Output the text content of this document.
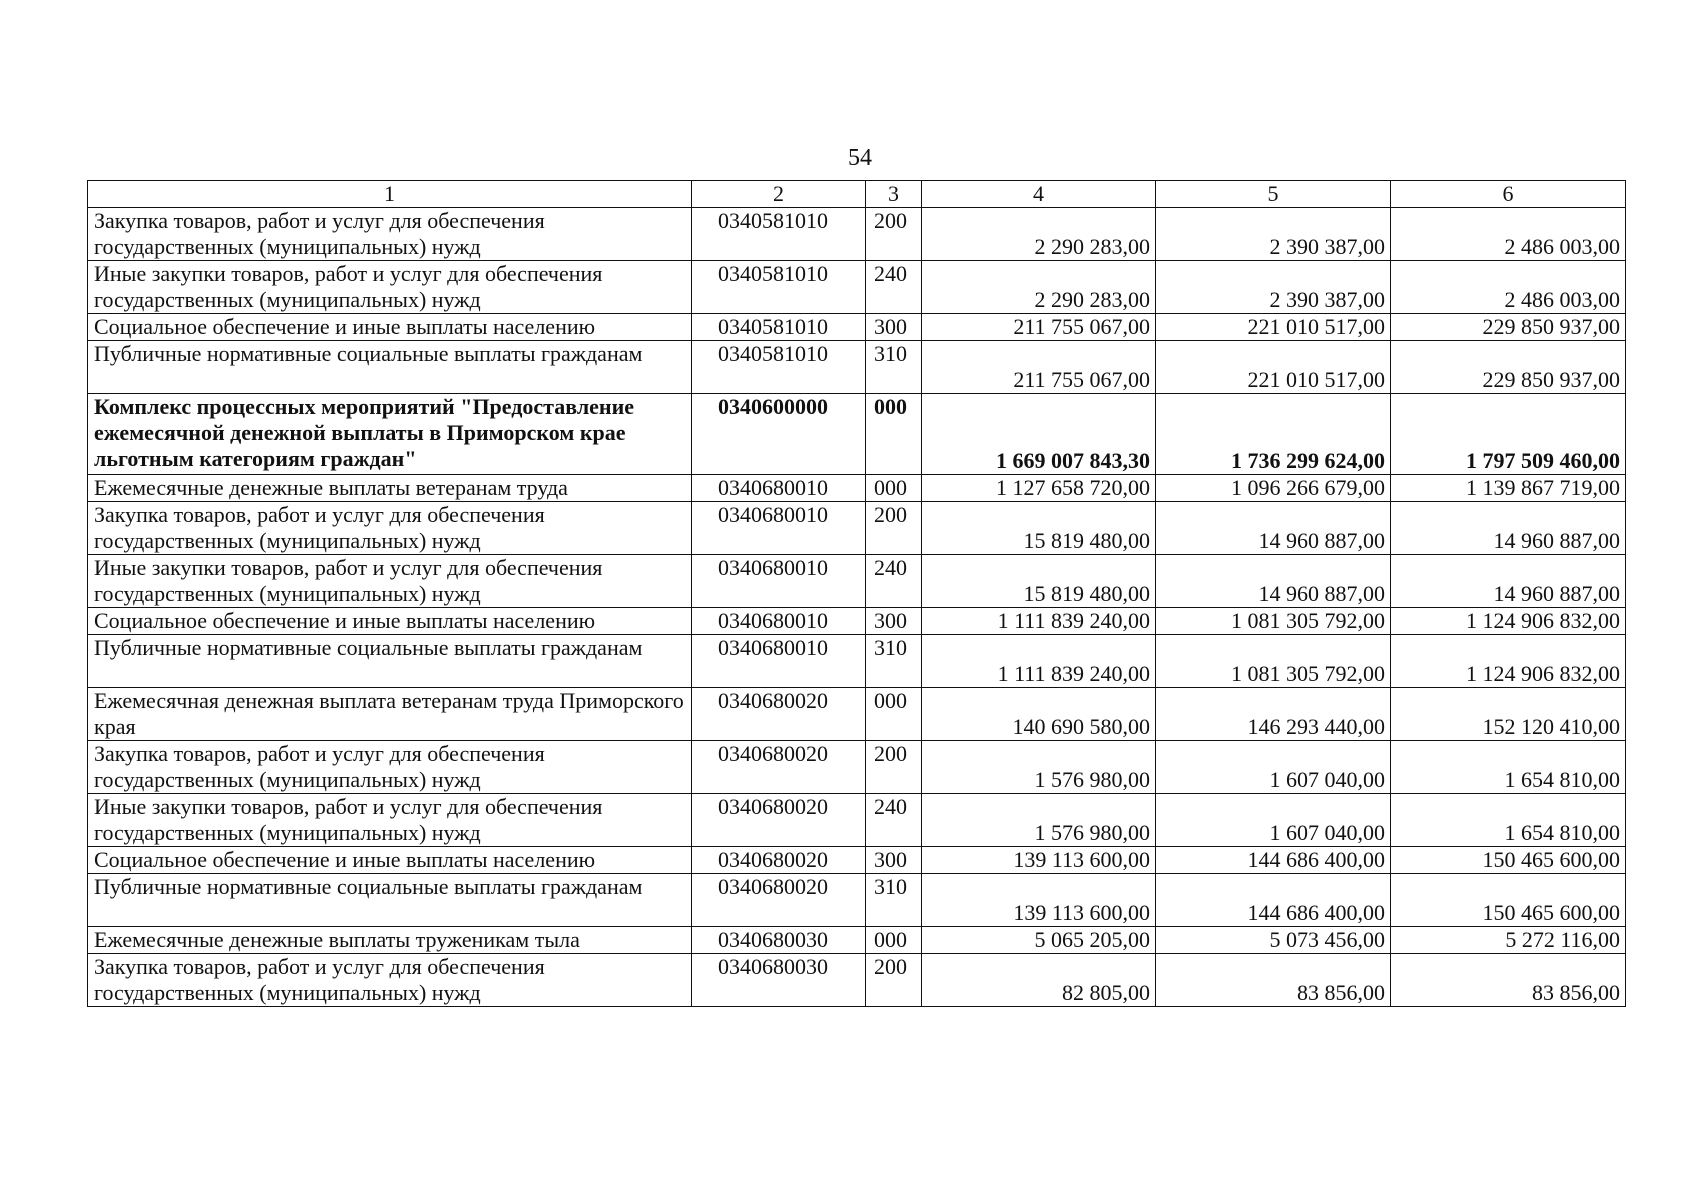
54
1	2	3	4	5	6
Закупка товаров, работ и услуг для обеспечения государственных (муниципальных) нужд	0340581010	200	2 290 283,00	2 390 387,00	2 486 003,00
Иные закупки товаров, работ и услуг для обеспечения государственных (муниципальных) нужд	0340581010	240	2 290 283,00	2 390 387,00	2 486 003,00
Социальное обеспечение и иные выплаты населению	0340581010	300	211 755 067,00	221 010 517,00	229 850 937,00
Публичные нормативные социальные выплаты гражданам	0340581010	310	211 755 067,00	221 010 517,00	229 850 937,00
Комплекс процессных мероприятий "Предоставление ежемесячной денежной выплаты в Приморском крае льготным категориям граждан"	0340600000	000	1 669 007 843,30	1 736 299 624,00	1 797 509 460,00
Ежемесячные денежные выплаты ветеранам труда	0340680010	000	1 127 658 720,00	1 096 266 679,00	1 139 867 719,00
Закупка товаров, работ и услуг для обеспечения государственных (муниципальных) нужд	0340680010	200	15 819 480,00	14 960 887,00	14 960 887,00
Иные закупки товаров, работ и услуг для обеспечения государственных (муниципальных) нужд	0340680010	240	15 819 480,00	14 960 887,00	14 960 887,00
Социальное обеспечение и иные выплаты населению	0340680010	300	1 111 839 240,00	1 081 305 792,00	1 124 906 832,00
Публичные нормативные социальные выплаты гражданам	0340680010	310	1 111 839 240,00	1 081 305 792,00	1 124 906 832,00
Ежемесячная денежная выплата ветеранам труда Приморского края	0340680020	000	140 690 580,00	146 293 440,00	152 120 410,00
Закупка товаров, работ и услуг для обеспечения государственных (муниципальных) нужд	0340680020	200	1 576 980,00	1 607 040,00	1 654 810,00
Иные закупки товаров, работ и услуг для обеспечения государственных (муниципальных) нужд	0340680020	240	1 576 980,00	1 607 040,00	1 654 810,00
Социальное обеспечение и иные выплаты населению	0340680020	300	139 113 600,00	144 686 400,00	150 465 600,00
Публичные нормативные социальные выплаты гражданам	0340680020	310	139 113 600,00	144 686 400,00	150 465 600,00
Ежемесячные денежные выплаты труженикам тыла	0340680030	000	5 065 205,00	5 073 456,00	5 272 116,00
Закупка товаров, работ и услуг для обеспечения государственных (муниципальных) нужд	0340680030	200	82 805,00	83 856,00	83 856,00
